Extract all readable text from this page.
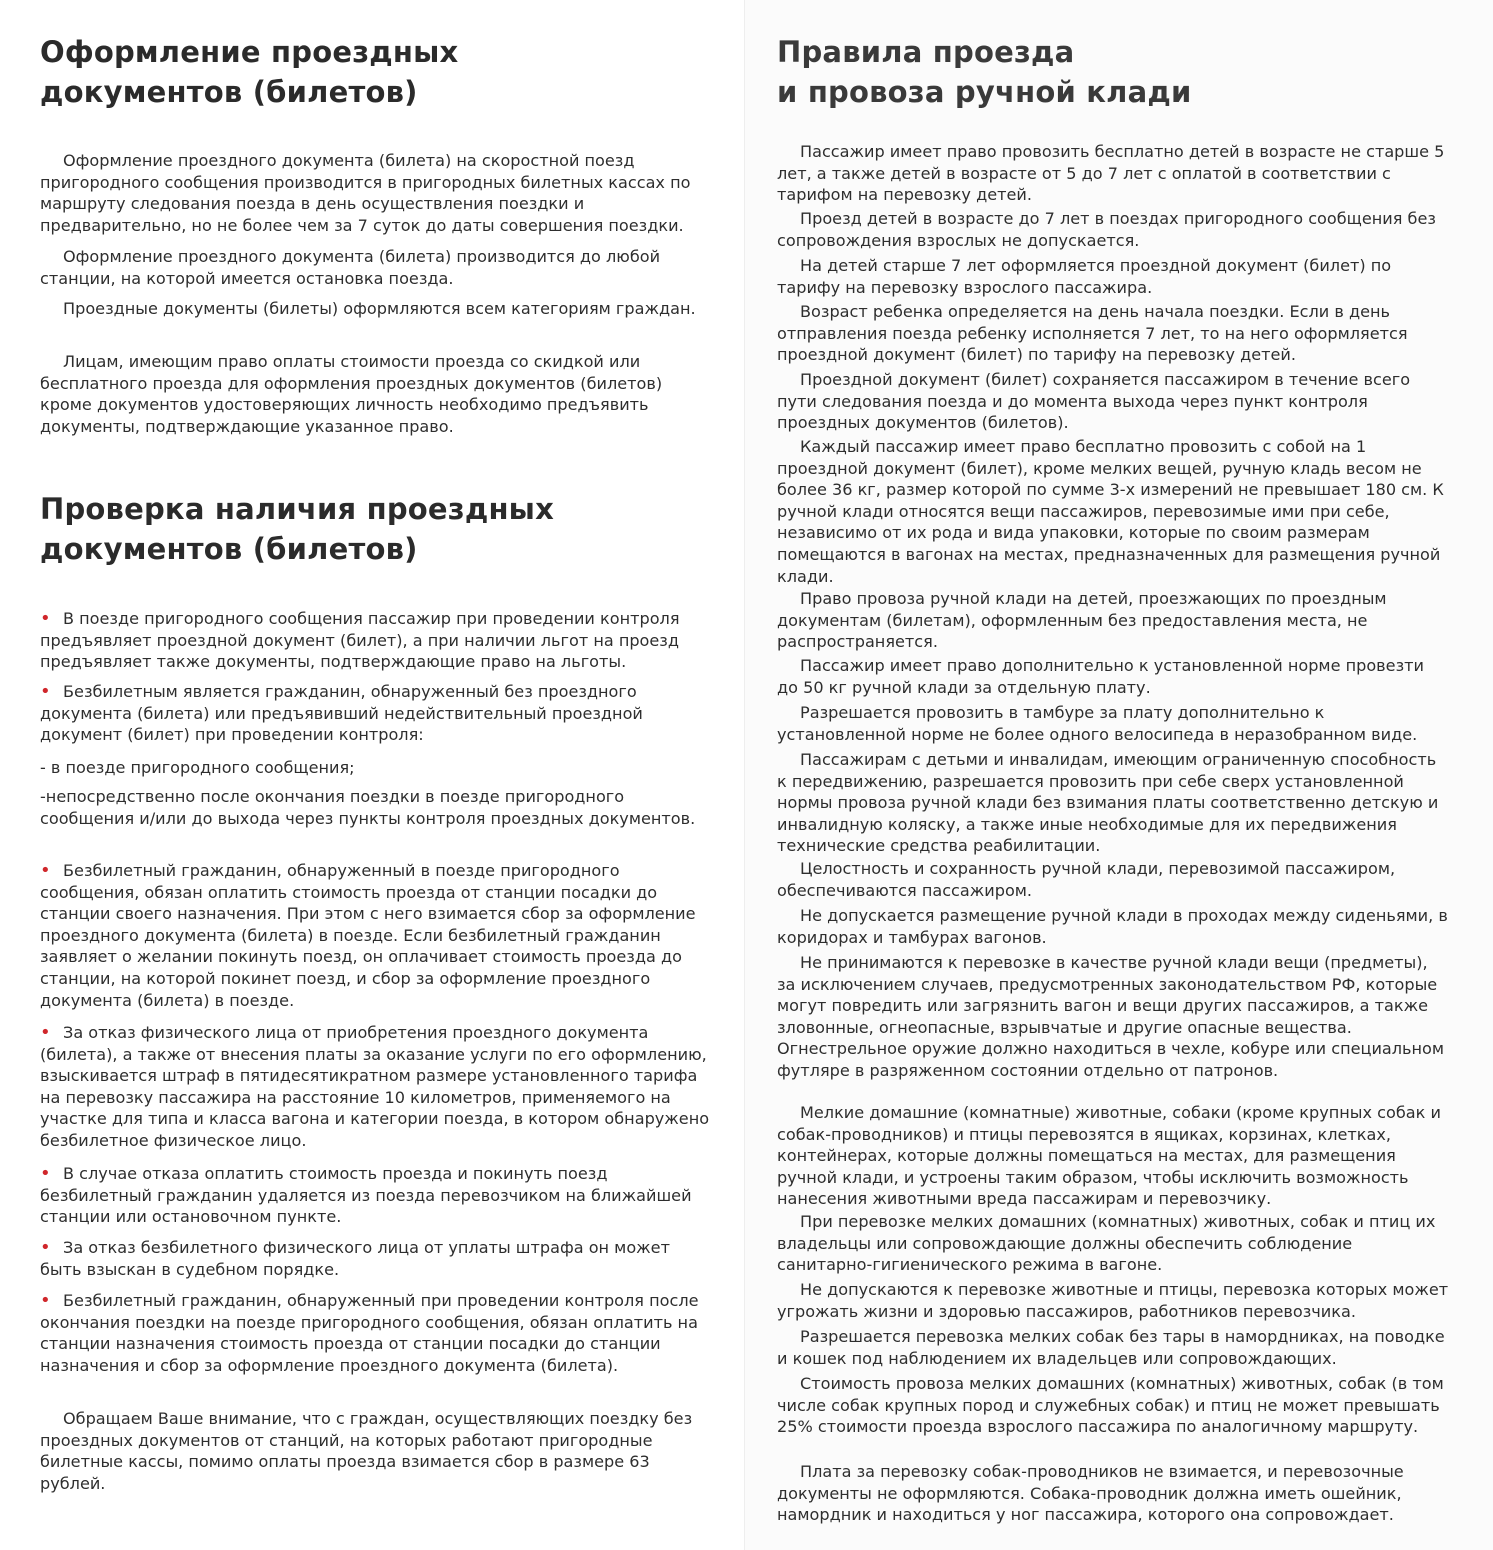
Оформление проездных
документов (билетов)

Оформление проездного документа (билета) на скоростной поезд пригородного сообщения производится в пригородных билетных кассах по маршруту следования поезда в день осуществления поездки и предварительно, но не более чем за 7 суток до даты совершения поездки.

Оформление проездного документа (билета) производится до любой станции, на которой имеется остановка поезда.

Проездные документы (билеты) оформляются всем категориям граждан.

Лицам, имеющим право оплаты стоимости проезда со скидкой или бесплатного проезда для оформления проездных документов (билетов) кроме документов удостоверяющих личность необходимо предъявить документы, подтверждающие указанное право.

Проверка наличия проездных
документов (билетов)
• В поезде пригородного сообщения пассажир при проведении контроля предъявляет проездной документ (билет), а при наличии льгот на проезд предъявляет также документы, подтверждающие право на льготы.

• Безбилетным является гражданин, обнаруженный без проездного документа (билета) или предъявивший недействительный проездной документ (билет) при проведении контроля:

- в поезде пригородного сообщения;

-непосредственно после окончания поездки в поезде пригородного сообщения и/или до выхода через пункты контроля проездных документов.

• Безбилетный гражданин, обнаруженный в поезде пригородного сообщения, обязан оплатить стоимость проезда от станции посадки до станции своего назначения. При этом с него взимается сбор за оформление проездного документа (билета) в поезде. Если безбилетный гражданин заявляет о желании покинуть поезд, он оплачивает стоимость проезда до станции, на которой покинет поезд, и сбор за оформление проездного документа (билета) в поезде.

• За отказ физического лица от приобретения проездного документа (билета), а также от внесения платы за оказание услуги по его оформлению, взыскивается штраф в пятидесятикратном размере установленного тарифа на перевозку пассажира на расстояние 10 километров, применяемого на участке для типа и класса вагона и категории поезда, в котором обнаружено безбилетное физическое лицо.

• В случае отказа оплатить стоимость проезда и покинуть поезд безбилетный гражданин удаляется из поезда перевозчиком на ближайшей станции или остановочном пункте.

• За отказ безбилетного физического лица от уплаты штрафа он может быть взыскан в судебном порядке.

• Безбилетный гражданин, обнаруженный при проведении контроля после окончания поездки на поезде пригородного сообщения, обязан оплатить на станции назначения стоимость проезда от станции посадки до станции назначения и сбор за оформление проездного документа (билета).

Обращаем Ваше внимание, что с граждан, осуществляющих поездку без проездных документов от станций, на которых работают пригородные билетные кассы, помимо оплаты проезда взимается сбор в размере 63 рублей.

Правила проезда
и провоза ручной клади

Пассажир имеет право провозить бесплатно детей в возрасте не старше 5 лет, а также детей в возрасте от 5 до 7 лет с оплатой в соответствии с тарифом на перевозку детей.

Проезд детей в возрасте до 7 лет в поездах пригородного сообщения без сопровождения взрослых не допускается.

На детей старше 7 лет оформляется проездной документ (билет) по тарифу на перевозку взрослого пассажира.

Возраст ребенка определяется на день начала поездки. Если в день отправления поезда ребенку исполняется 7 лет, то на него оформляется проездной документ (билет) по тарифу на перевозку детей.

Проездной документ (билет) сохраняется пассажиром в течение всего пути следования поезда и до момента выхода через пункт контроля проездных документов (билетов).

Каждый пассажир имеет право бесплатно провозить с собой на 1 проездной документ (билет), кроме мелких вещей, ручную кладь весом не более 36 кг, размер которой по сумме 3-х измерений не превышает 180 см. К ручной клади относятся вещи пассажиров, перевозимые ими при себе, независимо от их рода и вида упаковки, которые по своим размерам помещаются в вагонах на местах, предназначенных для размещения ручной клади.

Право провоза ручной клади на детей, проезжающих по проездным документам (билетам), оформленным без предоставления места, не распространяется.

Пассажир имеет право дополнительно к установленной норме провезти до 50 кг ручной клади за отдельную плату.

Разрешается провозить в тамбуре за плату дополнительно к установленной норме не более одного велосипеда в неразобранном виде.

Пассажирам с детьми и инвалидам, имеющим ограниченную способность к передвижению, разрешается провозить при себе сверх установленной нормы провоза ручной клади без взимания платы соответственно детскую и инвалидную коляску, а также иные необходимые для их передвижения технические средства реабилитации.

Целостность и сохранность ручной клади, перевозимой пассажиром, обеспечиваются пассажиром.

Не допускается размещение ручной клади в проходах между сиденьями, в коридорах и тамбурах вагонов.

Не принимаются к перевозке в качестве ручной клади вещи (предметы), за исключением случаев, предусмотренных законодательством РФ, которые могут повредить или загрязнить вагон и вещи других пассажиров, а также зловонные, огнеопасные, взрывчатые и другие опасные вещества. Огнестрельное оружие должно находиться в чехле, кобуре или специальном футляре в разряженном состоянии отдельно от патронов.

Мелкие домашние (комнатные) животные, собаки (кроме крупных собак и собак-проводников) и птицы перевозятся в ящиках, корзинах, клетках, контейнерах, которые должны помещаться на местах, для размещения ручной клади, и устроены таким образом, чтобы исключить возможность нанесения животными вреда пассажирам и перевозчику.

При перевозке мелких домашних (комнатных) животных, собак и птиц их владельцы или сопровождающие должны обеспечить соблюдение санитарно-гигиенического режима в вагоне.

Не допускаются к перевозке животные и птицы, перевозка которых может угрожать жизни и здоровью пассажиров, работников перевозчика.

Разрешается перевозка мелких собак без тары в намордниках, на поводке и кошек под наблюдением их владельцев или сопровождающих.

Стоимость провоза мелких домашних (комнатных) животных, собак (в том числе собак крупных пород и служебных собак) и птиц не может превышать 25% стоимости проезда взрослого пассажира по аналогичному маршруту.

Плата за перевозку собак-проводников не взимается, и перевозочные документы не оформляются. Собака-проводник должна иметь ошейник, намордник и находиться у ног пассажира, которого она сопровождает.
